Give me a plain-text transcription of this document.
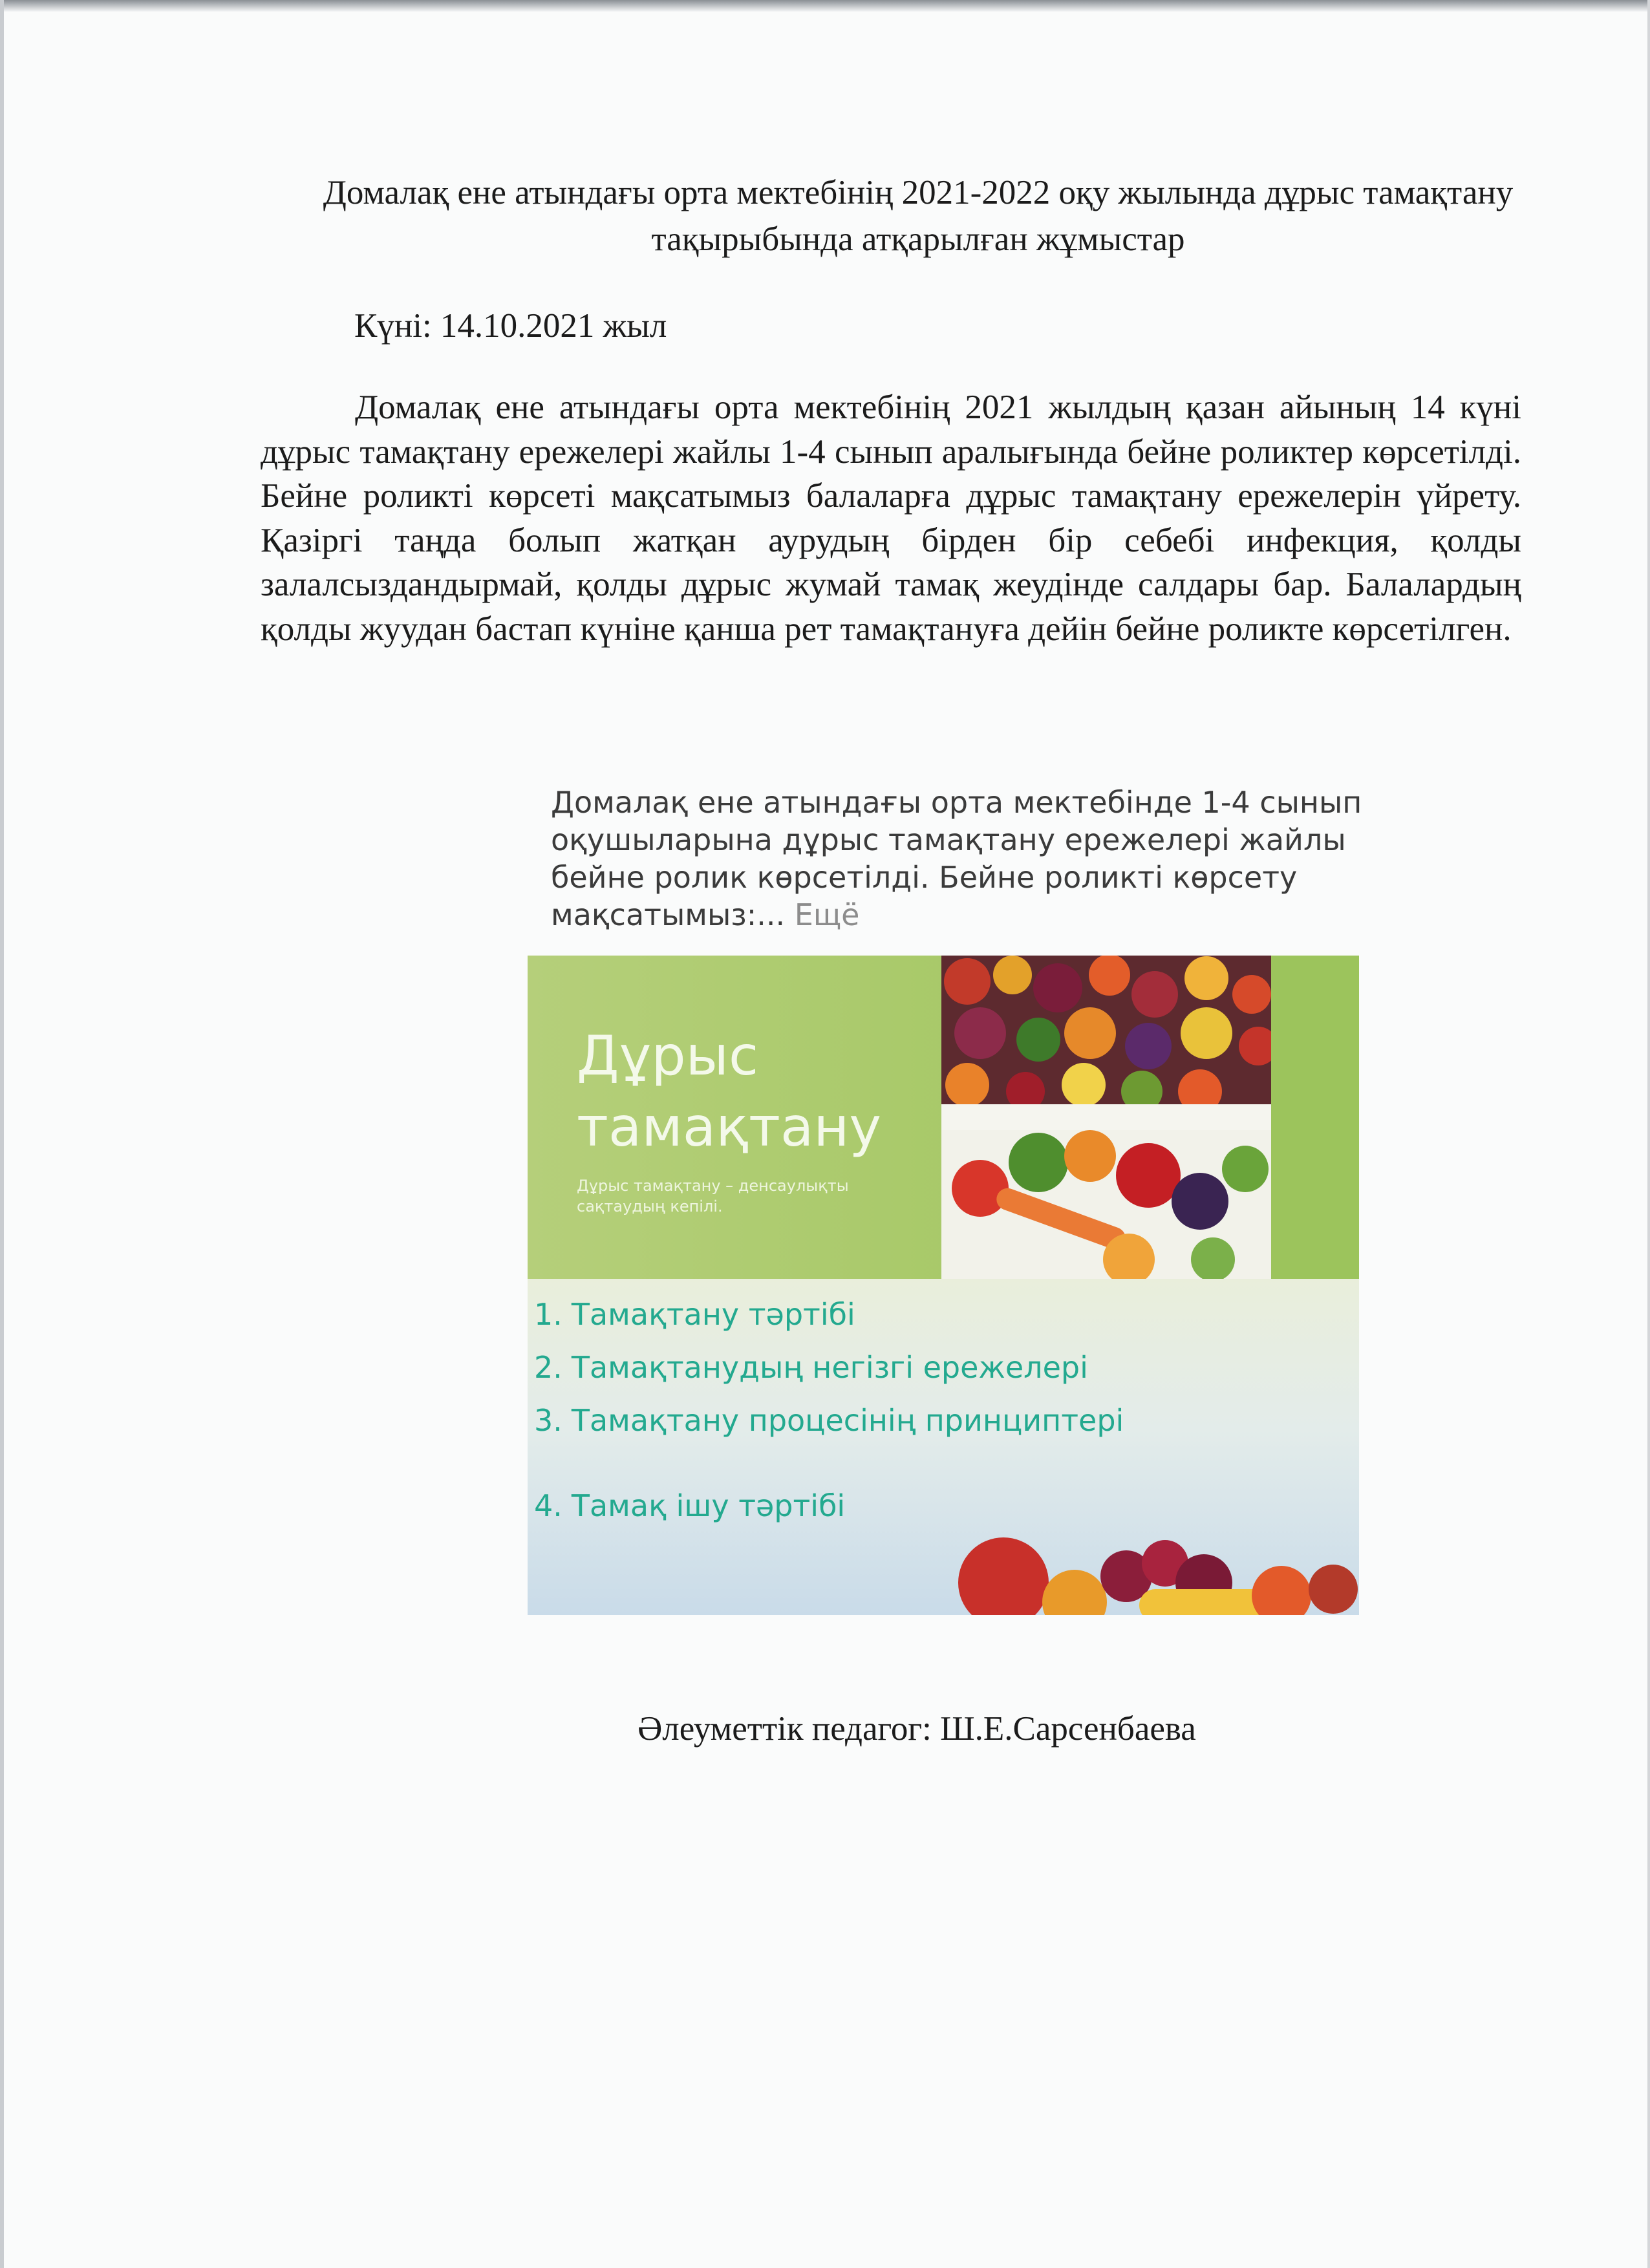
Домалақ ене атындағы орта мектебінің 2021-2022 оқу жылында дұрыс тамақтану тақырыбында атқарылған жұмыстар
Күні: 14.10.2021 жыл

Домалақ ене атындағы орта мектебінің 2021 жылдың қазан айының 14 күні дұрыс тамақтану ережелері жайлы 1-4 сынып аралығында бейне роликтер көрсетілді. Бейне роликті көрсеті мақсатымыз балаларға дұрыс тамақтану ережелерін үйрету. Қазіргі таңда болып жатқан аурудың бірден бір себебі инфекция, қолды залалсыздандырмай, қолды дұрыс жумай тамақ жеудінде салдары бар. Балалардың қолды жуудан бастап күніне қанша рет тамақтануға дейін бейне роликте көрсетілген.

Домалақ ене атындағы орта мектебінде 1-4 сынып оқушыларына дұрыс тамақтану ережелері жайлы бейне ролик көрсетілді. Бейне роликті көрсету мақсатымыз:... Ещё
Дұрыс тамақтану
Дұрыс тамақтану – денсаулықты сақтаудың кепілі.
1. Тамақтану тәртібі
2. Тамақтанудың негізгі ережелері
3. Тамақтану процесінің принциптері
4. Тамақ ішу тәртібі
Әлеуметтік педагог: Ш.Е.Сарсенбаева
